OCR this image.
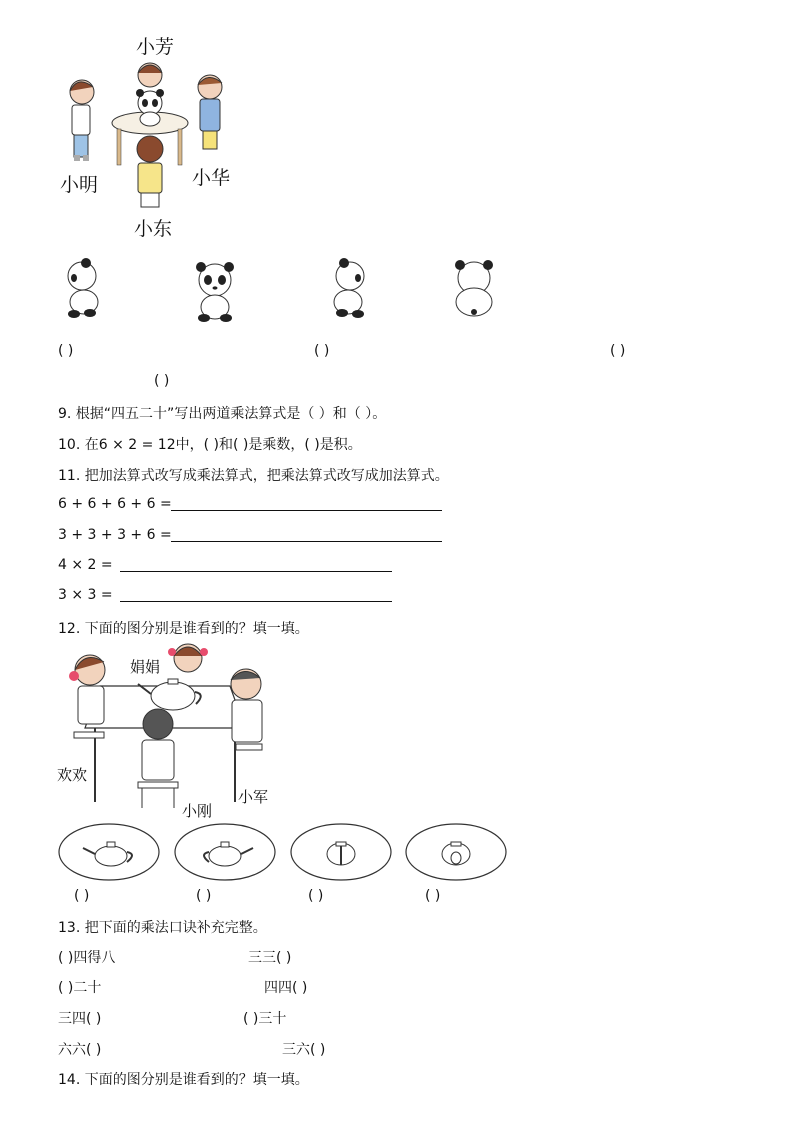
小芳
小明	小华
小东
( )	( )	( )
( )
9. 根据“四五二十”写出两道乘法算式是（ ）和（ ）。
10. 在6 × 2 = 12中，( )和( )是乘数，( )是积。
11. 把加法算式改写成乘法算式，把乘法算式改写成加法算式。
6 + 6 + 6 + 6 =
3 + 3 + 3 + 6 =
4 × 2 =
3 × 3 =
12. 下面的图分别是谁看到的？填一填。
娟娟
欢欢
小刚
小军
( )	( )	( )	( )
13. 把下面的乘法口诀补充完整。
( )四得八	三三( )
( )二十	四四( )
三四( )	( )三十
六六( )	三六( )
14. 下面的图分别是谁看到的？填一填。
